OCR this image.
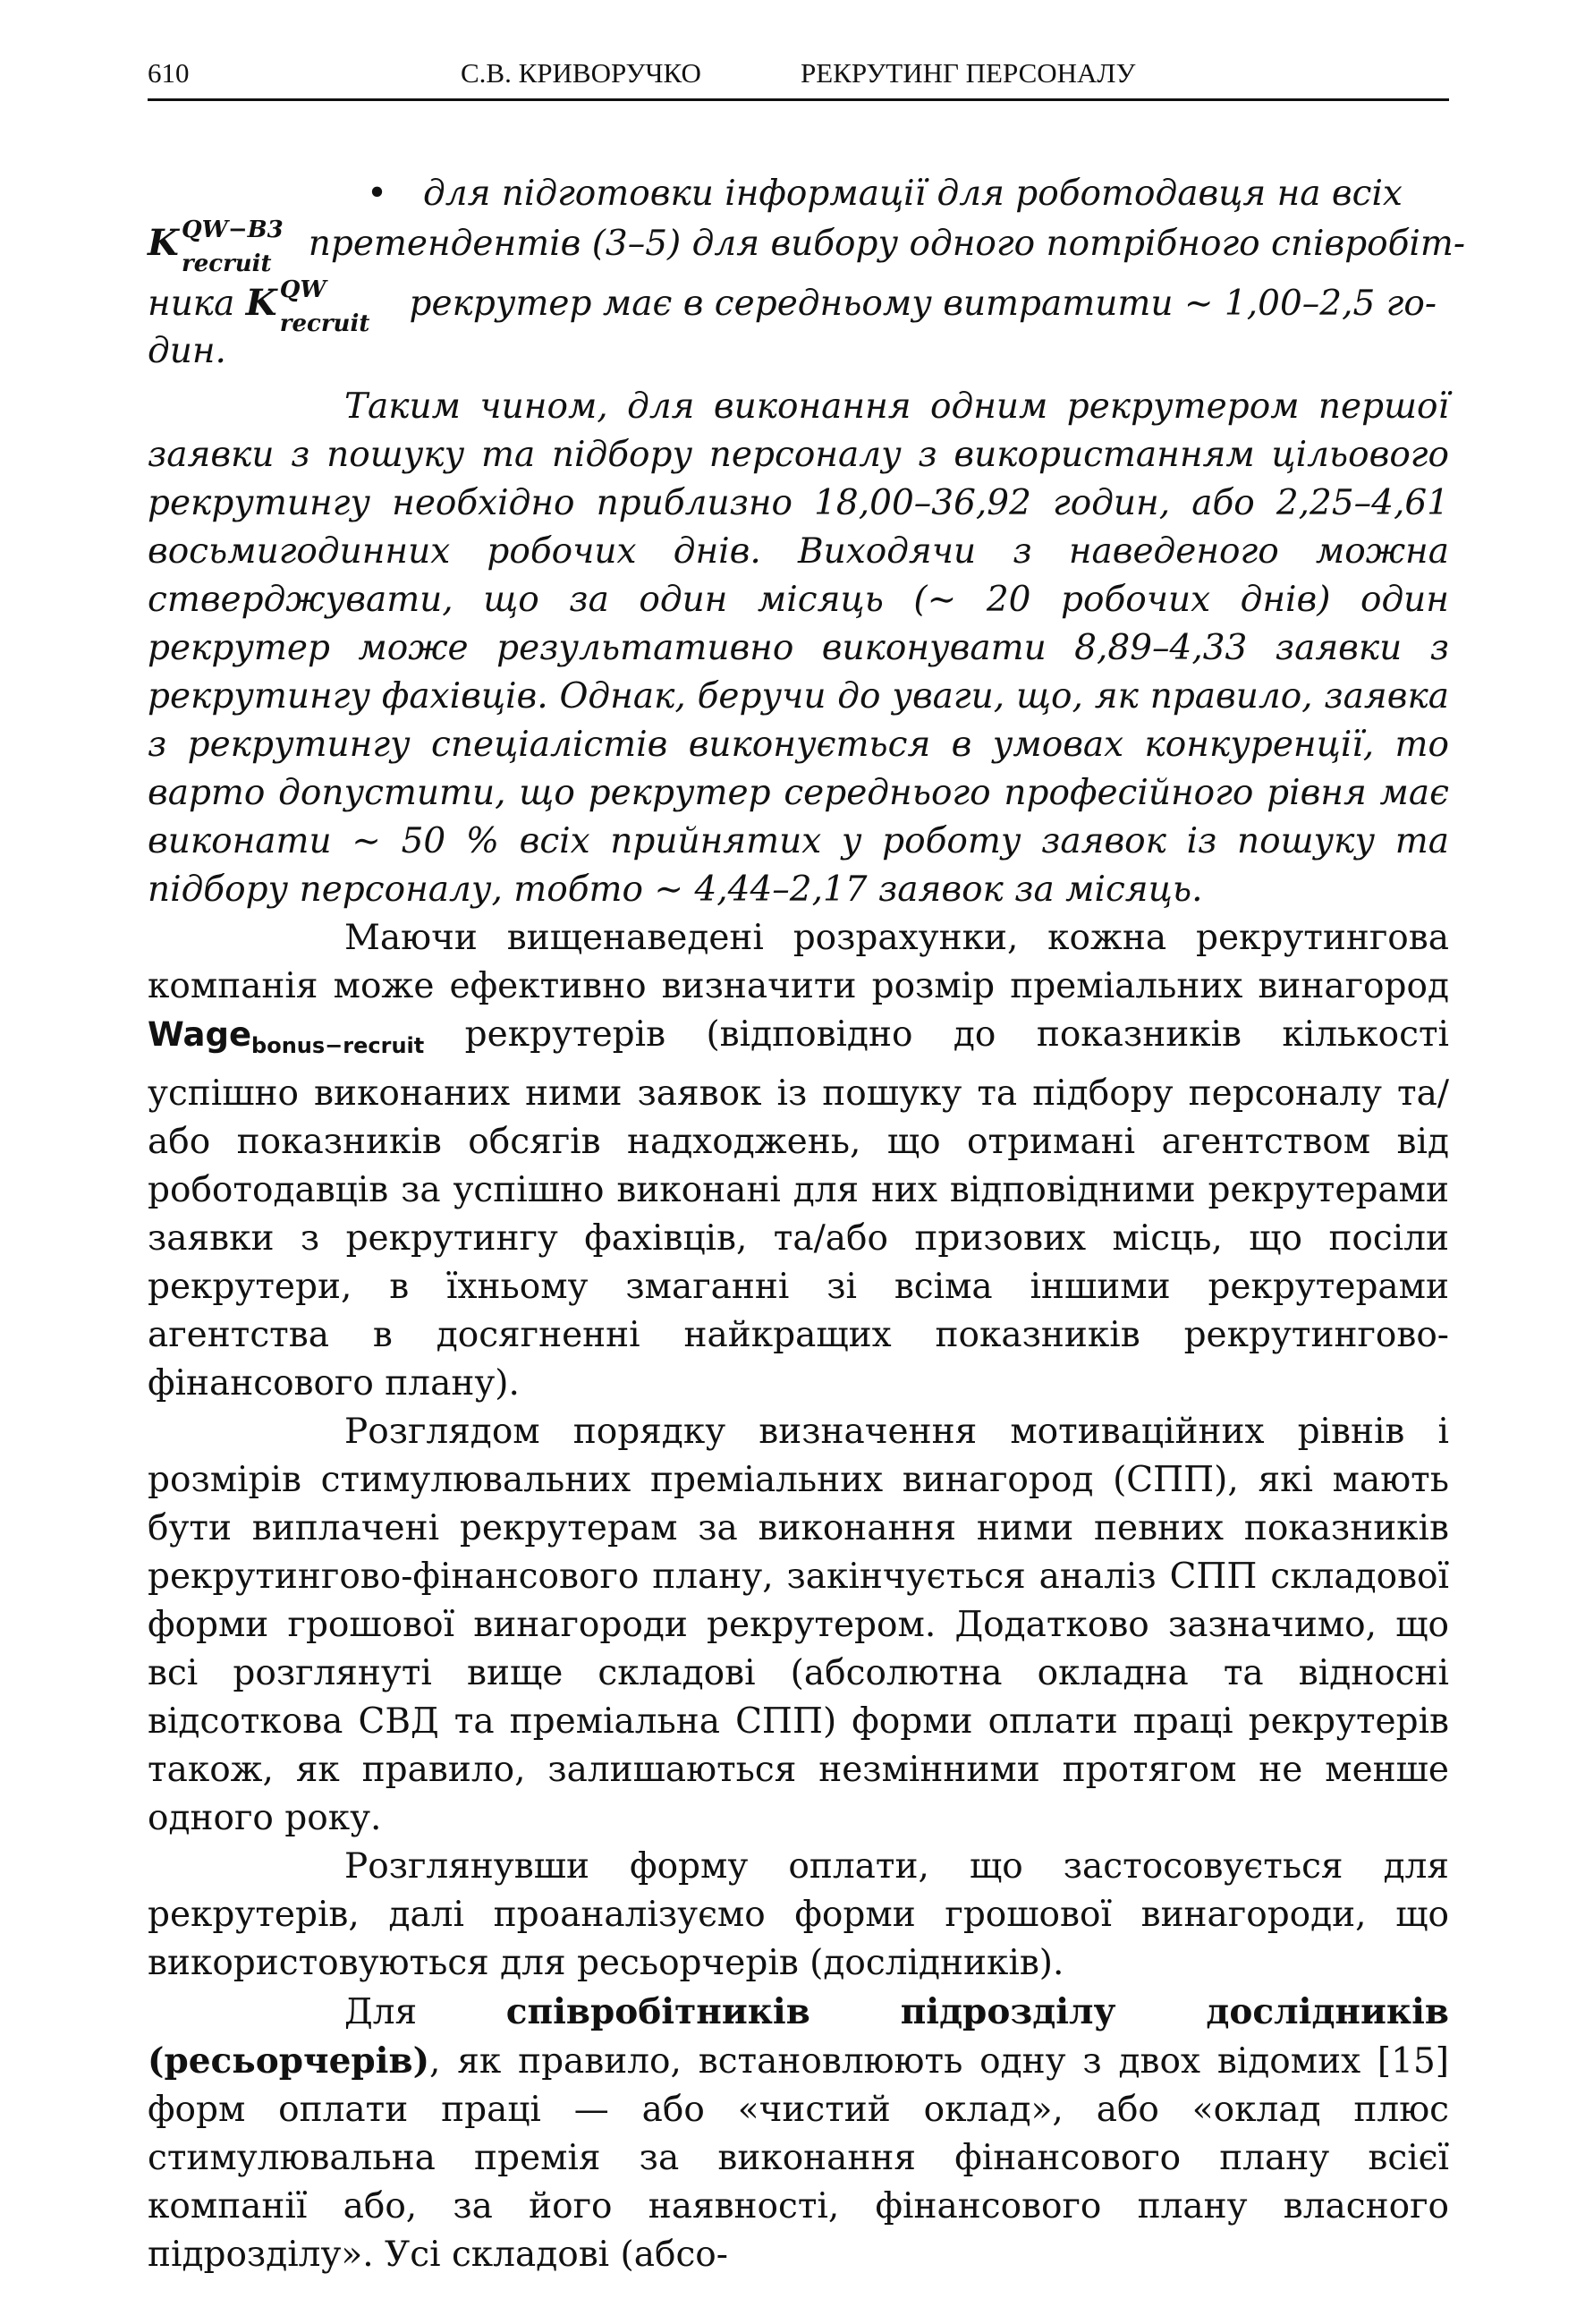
610	С.В. КРИВОРУЧКО	РЕКРУТИНГ ПЕРСОНАЛУ
• для підготовки інформації для роботодавця на всіх
K QW−B3
recruit претендентів (3–5) для вибору одного потрібного співробіт-
ника K QW
recruit рекрутер має в середньому витратити ∼ 1,00–2,5 го-
дин.

Таким чином, для виконання одним рекрутером першої заявки з пошуку та підбору персоналу з використанням цільового рекрутингу необхідно приблизно 18,00–36,92 годин, або 2,25–4,61 восьмигодинних робочих днів. Виходячи з наведеного можна стверджувати, що за один місяць (∼ 20 робочих днів) один рекрутер може результативно виконувати 8,89–4,33 заявки з рекрутингу фахівців. Однак, беручи до уваги, що, як правило, заявка з рекрутингу спеціалістів виконується в умовах конкуренції, то варто допустити, що рекрутер середнього професійного рівня має виконати ∼ 50 % всіх прийнятих у роботу заявок із пошуку та підбору персоналу, тобто ∼ 4,44–2,17 заявок за місяць.

Маючи вищенаведені розрахунки, кожна рекрутингова компанія може ефективно визначити розмір преміальних винагород Wage$_{bonus-recruit}$ рекрутерів (відповідно до показників кількості успішно виконаних ними заявок із пошуку та підбору персоналу та/або показників обсягів надходжень, що отримані агентством від роботодавців за успішно виконані для них відповідними рекрутерами заявки з рекрутингу фахівців, та/або призових місць, що посіли рекрутери, в їхньому змаганні зі всіма іншими рекрутерами агентства в досягненні найкращих показників рекрутингово-фінансового плану).

Розглядом порядку визначення мотиваційних рівнів і розмірів стимулювальних преміальних винагород (СПП), які мають бути виплачені рекрутерам за виконання ними певних показників рекрутингово-фінансового плану, закінчується аналіз СПП складової форми грошової винагороди рекрутером. Додатково зазначимо, що всі розглянуті вище складові (абсолютна окладна та відносні відсоткова СВД та преміальна СПП) форми оплати праці рекрутерів також, як правило, залишаються незмінними протягом не менше одного року.

Розглянувши форму оплати, що застосовується для рекрутерів, далі проаналізуємо форми грошової винагороди, що використовуються для ресьорчерів (дослідників).

Для	співробітників підрозділу дослідників (ресьорчерів), як правило, встановлюють одну з двох відомих [15] форм оплати праці — або «чистий оклад», або «оклад плюс стимулювальна премія за виконання фінансового плану всієї компанії або, за його наявності, фінансового плану власного підрозділу». Усі складові (абсо-
